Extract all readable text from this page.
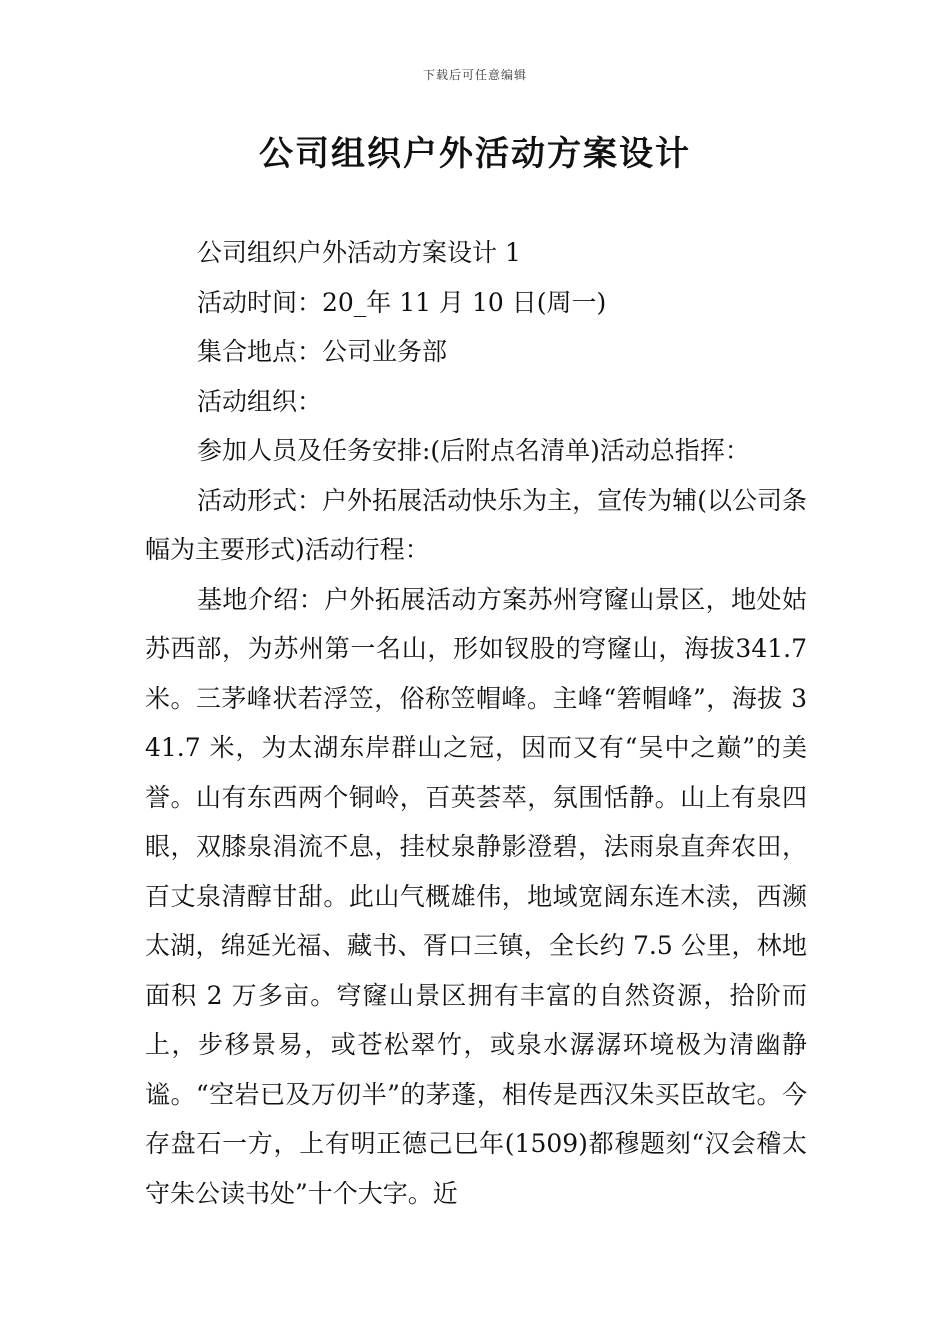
下载后可任意编辑
公司组织户外活动方案设计

公司组织户外活动方案设计 1

活动时间：20_年 11 月 10 日(周一)

集合地点：公司业务部

活动组织：

参加人员及任务安排:(后附点名清单)活动总指挥：

活动形式：户外拓展活动快乐为主，宣传为辅(以公司条幅为主要形式)活动行程：

基地介绍：户外拓展活动方案苏州穹窿山景区，地处姑苏西部，为苏州第一名山，形如钗股的穹窿山，海拔341.7 米。三茅峰状若浮笠，俗称笠帽峰。主峰“箬帽峰”，海拔 341.7 米，为太湖东岸群山之冠，因而又有“吴中之巅”的美誉。山有东西两个铜岭，百英荟萃，氛围恬静。山上有泉四眼，双膝泉涓流不息，挂杖泉静影澄碧，法雨泉直奔农田，百丈泉清醇甘甜。此山气概雄伟，地域宽阔东连木渎，西濒太湖，绵延光福、藏书、胥口三镇，全长约 7.5 公里，林地面积 2 万多亩。穹窿山景区拥有丰富的自然资源，拾阶而上，步移景易，或苍松翠竹，或泉水潺潺环境极为清幽静谧。“空岩已及万仞半”的茅蓬，相传是西汉朱买臣故宅。今存盘石一方，上有明正德己巳年(1509)都穆题刻“汉会稽太守朱公读书处”十个大字。近
